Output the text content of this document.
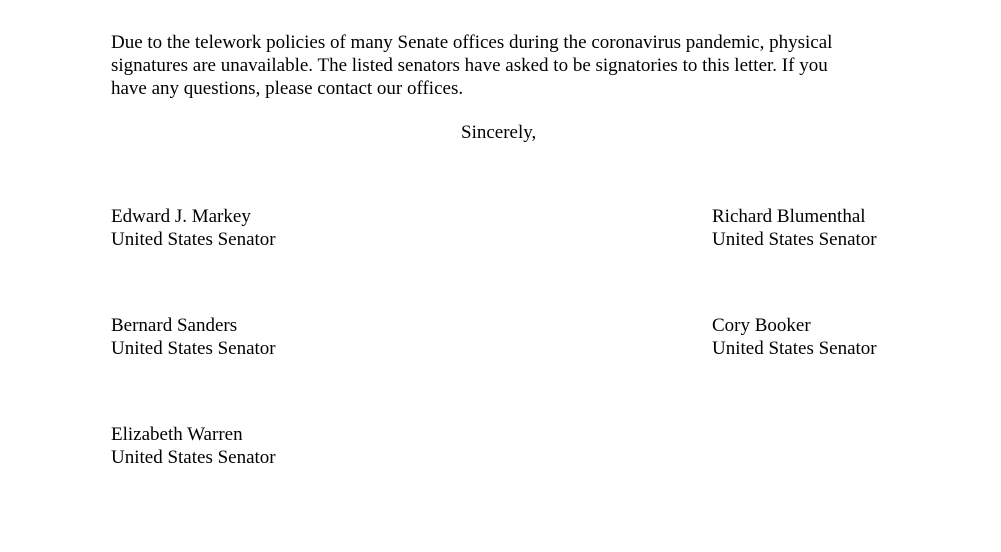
Due to the telework policies of many Senate offices during the coronavirus pandemic, physical
signatures are unavailable. The listed senators have asked to be signatories to this letter. If you
have any questions, please contact our offices.

Sincerely,

Edward J. Markey
United States Senator
Richard Blumenthal
United States Senator
Bernard Sanders
United States Senator
Cory Booker
United States Senator
Elizabeth Warren
United States Senator
